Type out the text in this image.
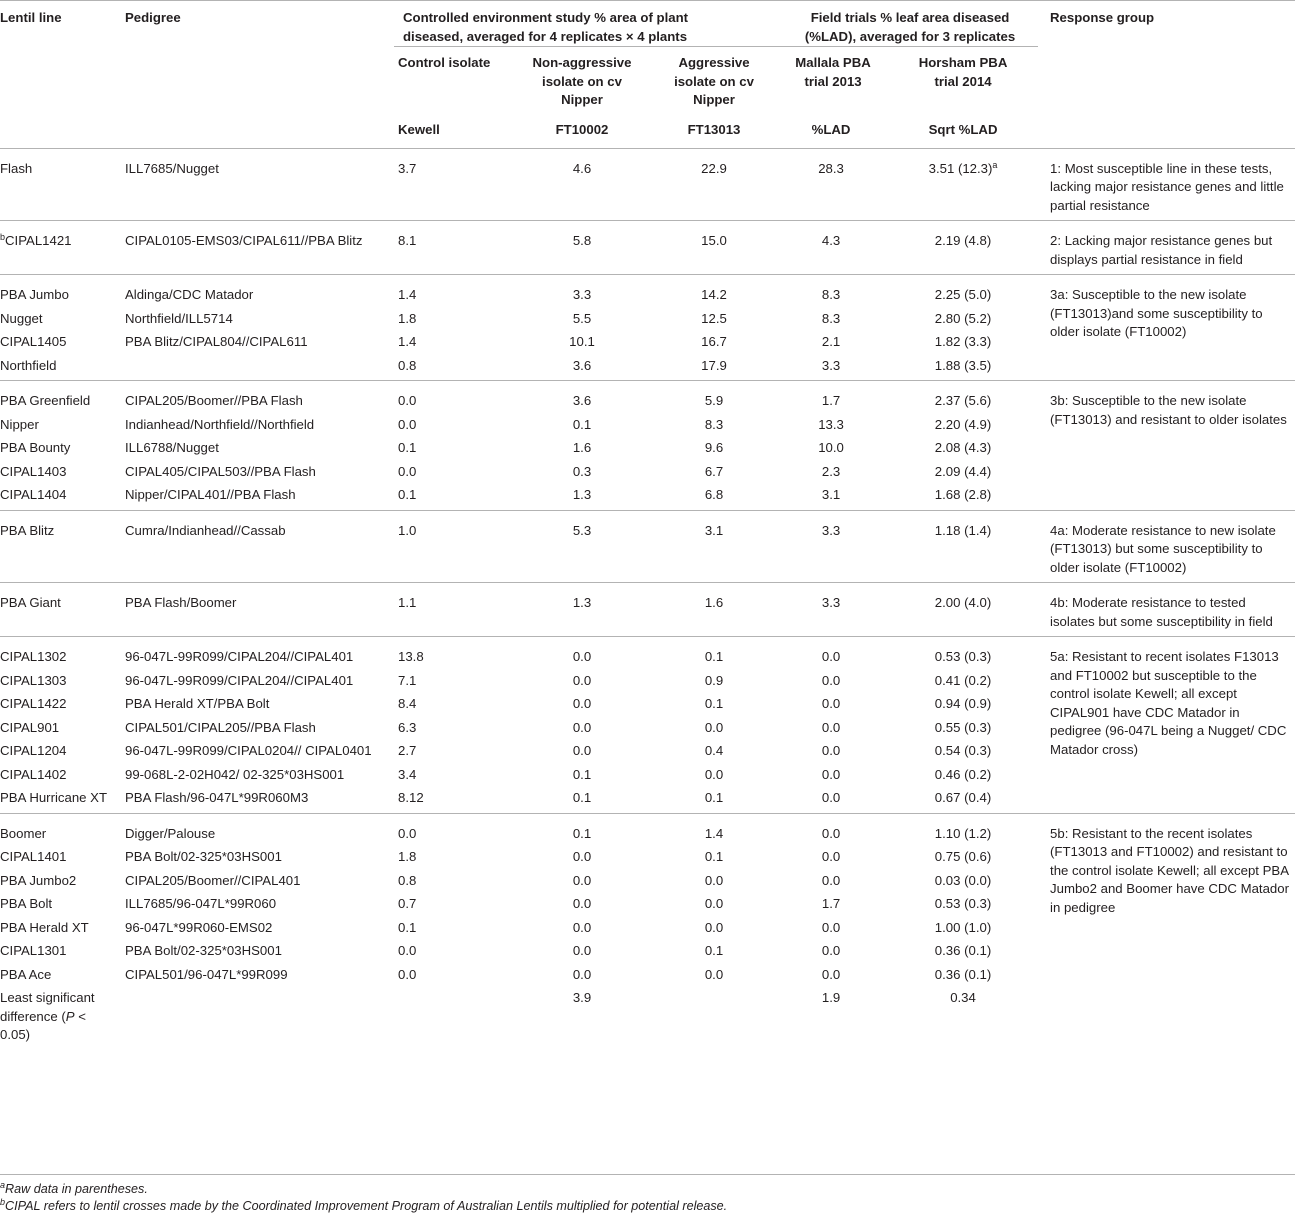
Lentil line	Pedigree	Controlled environment study % area of plant diseased, averaged for 4 replicates × 4 plants			Field trials % leaf area diseased (%LAD), averaged for 3 replicates		Response group
		Control isolate	Non-aggressive isolate on cv Nipper	Aggressive isolate on cv Nipper	Mallala PBA trial 2013	Horsham PBA trial 2014	
		Kewell	FT10002	FT13013	%LAD	Sqrt %LAD	
Flash	ILL7685/Nugget	3.7	4.6	22.9	28.3	3.51 $(12.3)^a$	1: Most susceptible line in these tests, lacking major resistance genes and little partial resistance
$^b$CIPAL1421	CIPAL0105-EMS03/CIPAL611//PBA Blitz	8.1	5.8	15.0	4.3	2.19 (4.8)	2: Lacking major resistance genes but displays partial resistance in field
PBA Jumbo	Aldinga/CDC Matador	1.4	3.3	14.2	8.3	2.25 (5.0)	3a: Susceptible to the new isolate (FT13013)and some susceptibility to older isolate (FT10002)
Nugget	Northfield/ILL5714	1.8	5.5	12.5	8.3	2.80 (5.2)	
CIPAL1405	PBA Blitz/CIPAL804//CIPAL611	1.4	10.1	16.7	2.1	1.82 (3.3)	
Northfield		0.8	3.6	17.9	3.3	1.88 (3.5)	
PBA Greenfield	CIPAL205/Boomer//PBA Flash	0.0	3.6	5.9	1.7	2.37 (5.6)	3b: Susceptible to the new isolate (FT13013) and resistant to older isolates
Nipper	Indianhead/Northfield//Northfield	0.0	0.1	8.3	13.3	2.20 (4.9)	
PBA Bounty	ILL6788/Nugget	0.1	1.6	9.6	10.0	2.08 (4.3)	
CIPAL1403	CIPAL405/CIPAL503//PBA Flash	0.0	0.3	6.7	2.3	2.09 (4.4)	
CIPAL1404	Nipper/CIPAL401//PBA Flash	0.1	1.3	6.8	3.1	1.68 (2.8)	
PBA Blitz	Cumra/Indianhead//Cassab	1.0	5.3	3.1	3.3	1.18 (1.4)	4a: Moderate resistance to new isolate (FT13013) but some susceptibility to older isolate (FT10002)
PBA Giant	PBA Flash/Boomer	1.1	1.3	1.6	3.3	2.00 (4.0)	4b: Moderate resistance to tested isolates but some susceptibility in field
CIPAL1302	96-047L-99R099/CIPAL204//CIPAL401	13.8	0.0	0.1	0.0	0.53 (0.3)	5a: Resistant to recent isolates F13013 and FT10002 but susceptible to the control isolate Kewell; all except CIPAL901 have CDC Matador in pedigree (96-047L being a Nugget/ CDC Matador cross)
CIPAL1303	96-047L-99R099/CIPAL204//CIPAL401	7.1	0.0	0.9	0.0	0.41 (0.2)	
CIPAL1422	PBA Herald XT/PBA Bolt	8.4	0.0	0.1	0.0	0.94 (0.9)	
CIPAL901	CIPAL501/CIPAL205//PBA Flash	6.3	0.0	0.0	0.0	0.55 (0.3)	
CIPAL1204	96-047L-99R099/CIPAL0204// CIPAL0401	2.7	0.0	0.4	0.0	0.54 (0.3)	
CIPAL1402	99-068L-2-02H042/ 02-325*03HS001	3.4	0.1	0.0	0.0	0.46 (0.2)	
PBA Hurricane XT	PBA Flash/96-047L*99R060M3	8.12	0.1	0.1	0.0	0.67 (0.4)	
Boomer	Digger/Palouse	0.0	0.1	1.4	0.0	1.10 (1.2)	5b: Resistant to the recent isolates (FT13013 and FT10002) and resistant to the control isolate Kewell; all except PBA Jumbo2 and Boomer have CDC Matador in pedigree
CIPAL1401	PBA Bolt/02-325*03HS001	1.8	0.0	0.1	0.0	0.75 (0.6)	
PBA Jumbo2	CIPAL205/Boomer//CIPAL401	0.8	0.0	0.0	0.0	0.03 (0.0)	
PBA Bolt	ILL7685/96-047L*99R060	0.7	0.0	0.0	1.7	0.53 (0.3)	
PBA Herald XT	96-047L*99R060-EMS02	0.1	0.0	0.0	0.0	1.00 (1.0)	
CIPAL1301	PBA Bolt/02-325*03HS001	0.0	0.0	0.1	0.0	0.36 (0.1)	
PBA Ace	CIPAL501/96-047L*99R099	0.0	0.0	0.0	0.0	0.36 (0.1)	
Least significant difference (P < 0.05)			3.9		1.9	0.34	
$^a$Raw data in parentheses.
$^b$CIPAL refers to lentil crosses made by the Coordinated Improvement Program of Australian Lentils multiplied for potential release.
